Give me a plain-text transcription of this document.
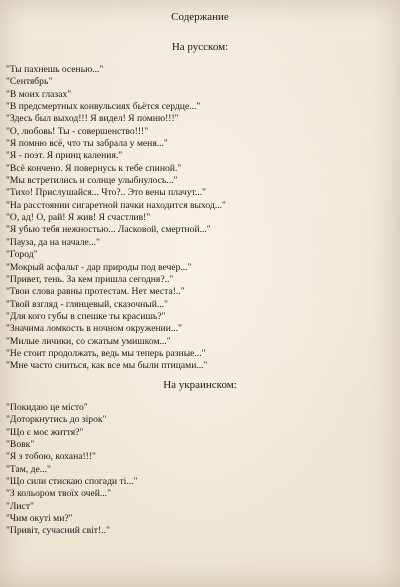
Содержание
На русском:
"Ты пахнешь осенью..."
"Сентябрь"
"В моих глазах"
"В предсмертных конвульсиях бьётся сердце..."
"Здесь был выход!!! Я видел! Я помню!!!"
"О, любовь! Ты - совершенство!!!"
"Я помню всё, что ты забрала у меня..."
"Я - поэт. Я принц каления."
"Всё кончено. Я повернусь к тебе спиной."
"Мы встретились и солнце улыбнулось..."
"Тихо! Прислушайся... Что?.. Это вены плачут..."
"На расстоянии сигаретной пачки находится выход..."
"О, ад! О, рай! Я жив! Я счастлив!"
"Я убью тебя нежностью... Ласковой, смертной..."
"Пауза, да на начале..."
"Город"
"Мокрый асфальт - дар природы под вечер..."
"Привет, тень. За кем пришла сегодня?.."
"Твои слова равны протестам. Нет места!.."
"Твой взгляд - глянцевый, сказочный..."
"Для кого губы в спешке ты красишь?"
"Значима ломкость в ночном окружении..."
"Милые личики, со сжатым умишком..."
"Не стоит продолжать, ведь мы теперь разные..."
"Мне часто сниться, как все мы были птицами..."
На украинском:
"Покидаю це місто"
"Доторкнутись до зірок"
"Що є моє життя?"
"Вовк"
"Я з тобою, кохана!!!"
"Там, де..."
"Що сили стискаю спогади ті..."
"З кольором твоїх очей..."
"Лист"
"Чим окуті ми?"
"Привіт, сучасний світ!.."
